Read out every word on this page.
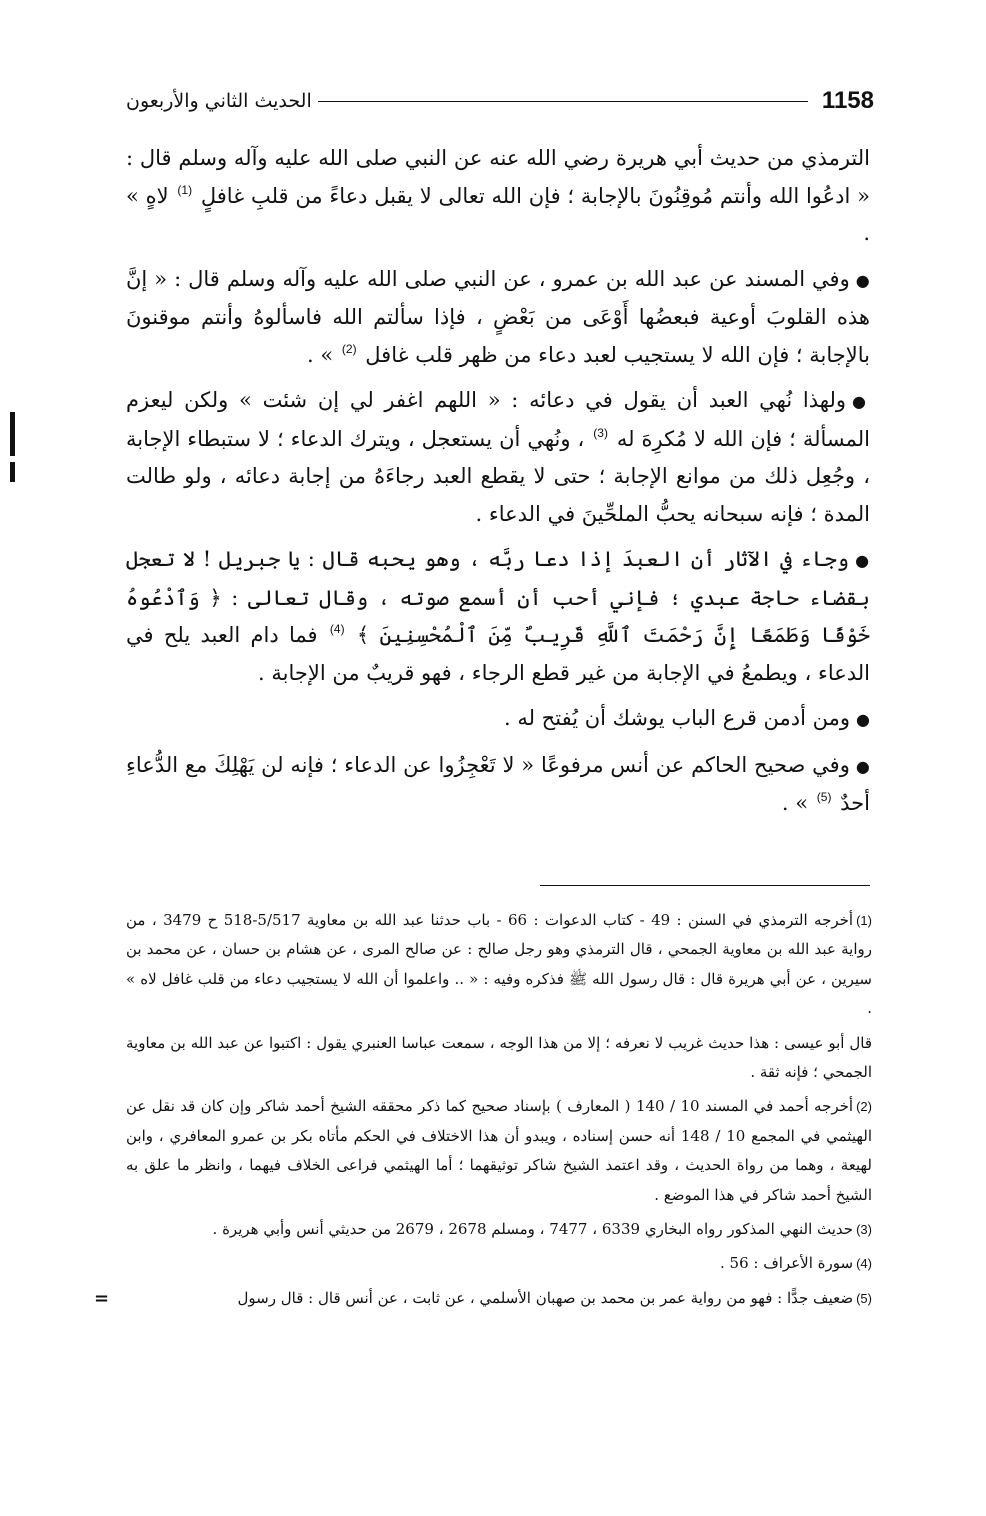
1158
الحديث الثاني والأربعون

الترمذي من حديث أبي هريرة رضي الله عنه عن النبي صلى الله عليه وآله وسلم قال : « ادعُوا الله وأنتم مُوقِنُونَ بالإجابة ؛ فإن الله تعالى لا يقبل دعاءً من قلبِ غافلٍ $^{(1)}$ لاهٍ » .

●وفي المسند عن عبد الله بن عمرو ، عن النبي صلى الله عليه وآله وسلم قال : « إنَّ هذه القلوبَ أوعية فبعضُها أَوْعَى من بَعْضٍ ، فإذا سألتم الله فاسألوهُ وأنتم موقنونَ بالإجابة ؛ فإن الله لا يستجيب لعبد دعاء من ظهر قلب غافل $^{(2)}$ » .

●ولهذا نُهي العبد أن يقول في دعائه : « اللهم اغفر لي إن شئت » ولكن ليعزم المسألة ؛ فإن الله لا مُكرِهَ له $^{(3)}$ ، ونُهي أن يستعجل ، ويترك الدعاء ؛ لا ستبطاء الإجابة ، وجُعِل ذلك من موانع الإجابة ؛ حتى لا يقطع العبد رجاءَهُ من إجابة دعائه ، ولو طالت المدة ؛ فإنه سبحانه يحبُّ الملحِّينَ في الدعاء .

●وجاء في الآثار أن العبدَ إذا دعا ربَّه ، وهو يحبه قال : يا جبريل ! لا تعجل بقضاء حاجة عبدي ؛ فإني أحب أن أسمع صوته ، وقال تعالى : ﴿ وَٱدْعُوهُ خَوْفًا وَطَمَعًا إِنَّ رَحْمَتَ ٱللَّهِ قَرِيبٌ مِّنَ ٱلْمُحْسِنِينَ ﴾ $^{(4)}$ فما دام العبد يلح في الدعاء ، ويطمعُ في الإجابة من غير قطع الرجاء ، فهو قريبٌ من الإجابة .

●ومن أدمن قرع الباب يوشك أن يُفتح له .

●وفي صحيح الحاكم عن أنس مرفوعًا « لا تَعْجِزُوا عن الدعاء ؛ فإنه لن يَهْلِكَ مع الدُّعاءِ أحدٌ $^{(5)}$ » .

(1)أخرجه الترمذي في السنن : 49 - كتاب الدعوات : 66 - باب حدثنا عبد الله بن معاوية 5/517-518 ح 3479 ، من رواية عبد الله بن معاوية الجمحي ، قال الترمذي وهو رجل صالح : عن صالح المرى ، عن هشام بن حسان ، عن محمد بن سيرين ، عن أبي هريرة قال : قال رسول الله ﷺ فذكره وفيه : « .. واعلموا أن الله لا يستجيب دعاء من قلب غافل لاه » .

قال أبو عيسى : هذا حديث غريب لا نعرفه ؛ إلا من هذا الوجه ، سمعت عباسا العنبري يقول : اكتبوا عن عبد الله بن معاوية الجمحي ؛ فإنه ثقة .

(2)أخرجه أحمد في المسند 10 / 140 ( المعارف ) بإسناد صحيح كما ذكر محققه الشيخ أحمد شاكر وإن كان قد نقل عن الهيثمي في المجمع 10 / 148 أنه حسن إسناده ، ويبدو أن هذا الاختلاف في الحكم مأتاه بكر بن عمرو المعافري ، وابن لهيعة ، وهما من رواة الحديث ، وقد اعتمد الشيخ شاكر توثيقهما ؛ أما الهيثمي فراعى الخلاف فيهما ، وانظر ما علق به الشيخ أحمد شاكر في هذا الموضع .

(3)حديث النهي المذكور رواه البخاري 6339 ، 7477 ، ومسلم 2678 ، 2679 من حديثي أنس وأبي هريرة .

(4)سورة الأعراف : 56 .

(5)ضعيف جدًّا : فهو من رواية عمر بن محمد بن صهبان الأسلمي ، عن ثابت ، عن أنس قال : قال رسول

=
